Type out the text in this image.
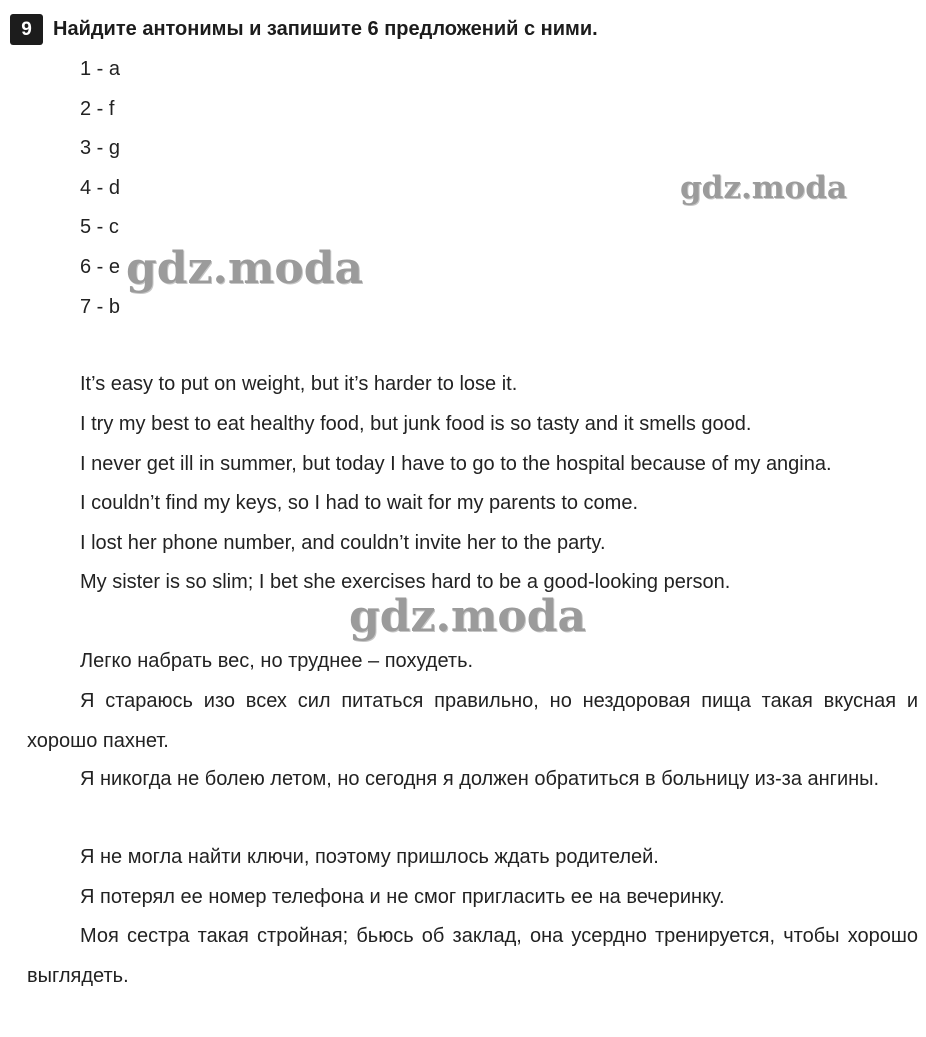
9	Найдите антонимы и запишите 6 предложений с ними.
1 - a
2 - f
3 - g
4 - d
5 - c
6 - e
7 - b
It’s easy to put on weight, but it’s harder to lose it.
I try my best to eat healthy food, but junk food is so tasty and it smells good.
I never get ill in summer, but today I have to go to the hospital because of my angina.
I couldn’t find my keys, so I had to wait for my parents to come.
I lost her phone number, and couldn’t invite her to the party.
My sister is so slim; I bet she exercises hard to be a good-looking person.
Легко набрать вес, но труднее – похудеть.
Я стараюсь изо всех сил питаться правильно, но нездоровая пища такая вкусная и хорошо пахнет.
Я никогда не болею летом, но сегодня я должен обратиться в больницу из-за ангины.
Я не могла найти ключи, поэтому пришлось ждать родителей.
Я потерял ее номер телефона и не смог пригласить ее на вечеринку.
Моя сестра такая стройная; бьюсь об заклад, она усердно тренируется, чтобы хорошо выглядеть.
gdz.moda
gdz.moda
gdz.moda
